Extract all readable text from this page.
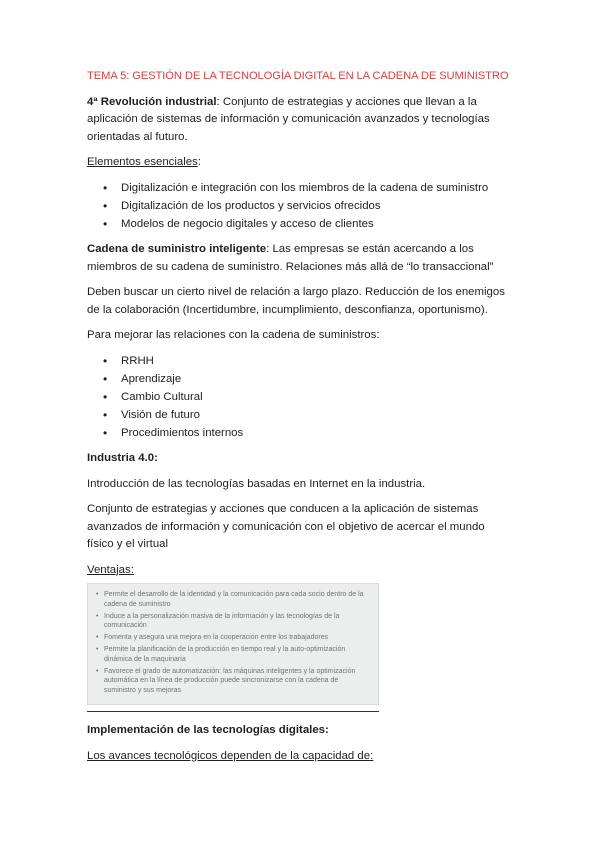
TEMA 5: GESTIÓN DE LA TECNOLOGÍA DIGITAL EN LA CADENA DE SUMINISTRO

4ª Revolución industrial: Conjunto de estrategias y acciones que llevan a la aplicación de sistemas de información y comunicación avanzados y tecnologías orientadas al futuro.

Elementos esenciales:

• Digitalización e integración con los miembros de la cadena de suministro
• Digitalización de los productos y servicios ofrecidos
• Modelos de negocio digitales y acceso de clientes

Cadena de suministro inteligente: Las empresas se están acercando a los miembros de su cadena de suministro. Relaciones más allá de “lo transaccional”

Deben buscar un cierto nivel de relación a largo plazo. Reducción de los enemigos de la colaboración (Incertidumbre, incumplimiento, desconfianza, oportunismo).

Para mejorar las relaciones con la cadena de suministros:

• RRHH
• Aprendizaje
• Cambio Cultural
• Visión de futuro
• Procedimientos internos

Industria 4.0:

Introducción de las tecnologías basadas en Internet en la industria.

Conjunto de estrategias y acciones que conducen a la aplicación de sistemas avanzados de información y comunicación con el objetivo de acercar el mundo físico y el virtual

Ventajas:

• Permite el desarrollo de la identidad y la comunicación para cada socio dentro de la cadena de suministro
• Induce a la personalización masiva de la información y las tecnologías de la comunicación
• Fomenta y asegura una mejora en la cooperación entre los trabajadores
• Permite la planificación de la producción en tiempo real y la auto-optimización dinámica de la maquinaria
• Favorece el grado de automatización: las máquinas inteligentes y la optimización automática en la línea de producción puede sincronizarse con la cadena de suministro y sus mejoras

Implementación de las tecnologías digitales:

Los avances tecnológicos dependen de la capacidad de:
